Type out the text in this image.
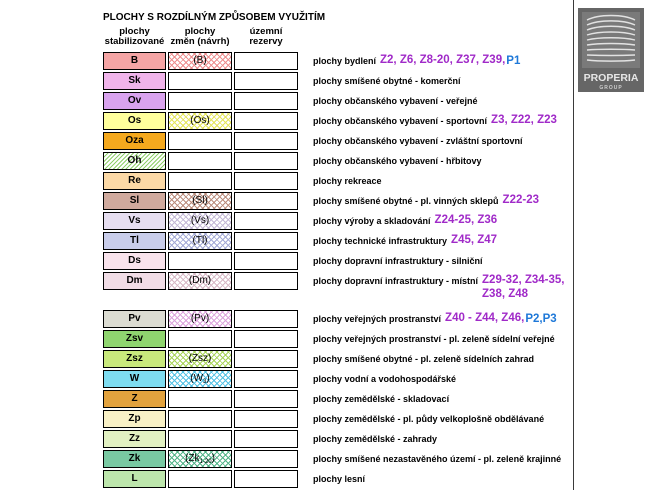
PLOCHY S ROZDÍLNÝM ZPŮSOBEM VYUŽITÍM
plochy
stabilizované
plochy
změn (návrh)
územní
rezervy
B	(B)	plochy bydlení Z2, Z6, Z8-20, Z37, Z39, P1
Sk	plochy smíšené obytné - komerční
Ov	plochy občanského vybavení - veřejné
Os	(Os)	plochy občanského vybavení - sportovní Z3, Z22, Z23
Oza	plochy občanského vybavení - zvláštní sportovní
Oh	plochy občanského vybavení - hřbitovy
Re	plochy rekreace
Sl	(Sl)	plochy smíšené obytné - pl. vinných sklepů Z22-23
Vs	(Vs)	plochy výroby a skladování Z24-25, Z36
Tl	(Tl)	plochy technické infrastruktury Z45, Z47
Ds	plochy dopravní infrastruktury - silniční
Dm	(Dm)	plochy dopravní infrastruktury - místní Z29-32, Z34-35,
Z38, Z48
Pv	(Pv)	plochy veřejných prostranství Z40 - Z44, Z46, P2,P3
Zsv	plochy veřejných prostranství - pl. zeleně sídelní veřejné
Zsz	(Zsz)	plochy smíšené obytné - pl. zeleně sídelních zahrad
W	$(W_3)$	plochy vodní a vodohospodářské
Z	plochy zemědělské - skladovací
Zp	plochy zemědělské - pl. půdy velkoplošně obdělávané
Zz	plochy zemědělské - zahrady
Zk	$(Zk_{1-20})$	plochy smíšené nezastavěného území - pl. zeleně krajinné
L	plochy lesní
PROPERIA
GROUP
